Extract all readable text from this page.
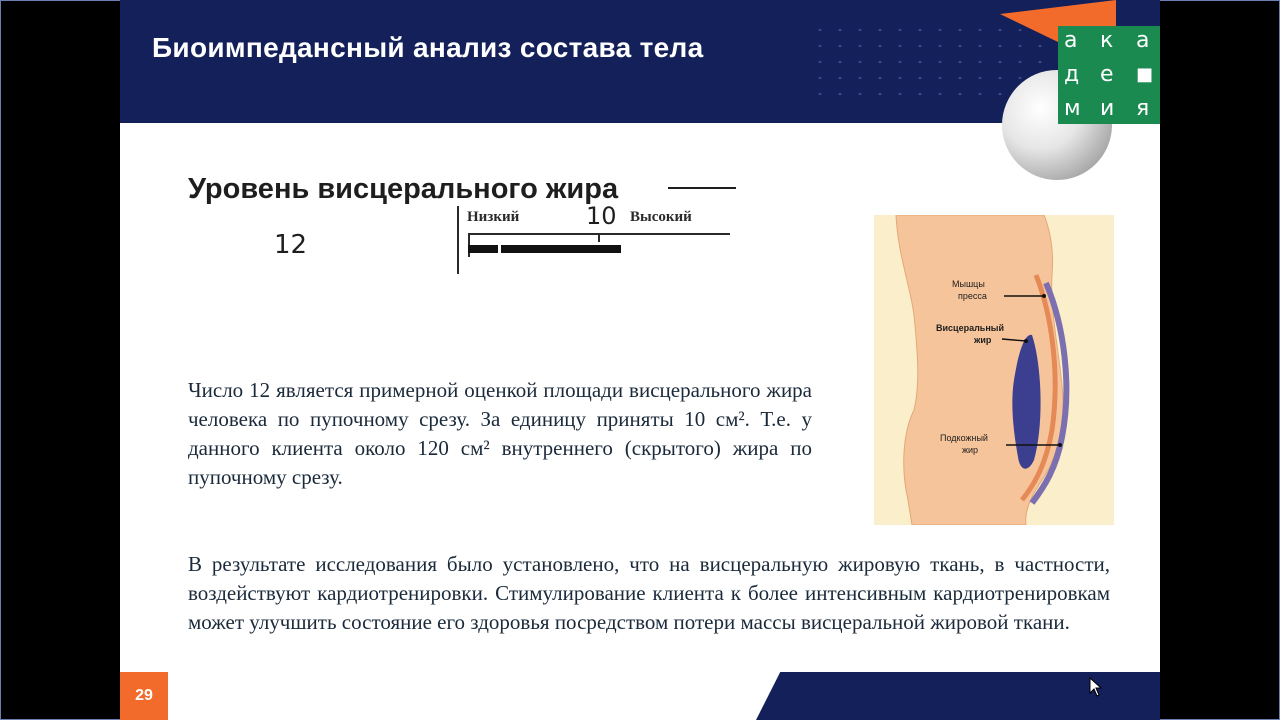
Биоимпедансный анализ состава тела	а к а
д е ■
м и я
Уровень висцерального жира
12
Низкий	10 Высокий
Число 12 является примерной оценкой площади висцерального жира человека по пупочному срезу. За единицу приняты 10 см². Т.е. у данного клиента около 120 см² внутреннего (скрытого) жира по пупочному срезу.
Мышцы
пресса
Висцеральный
жир
Подкожный
жир
В результате исследования было установлено, что на висцеральную жировую ткань, в частности, воздействуют кардиотренировки. Стимулирование клиента к более интенсивным кардиотренировкам может улучшить состояние его здоровья посредством потери массы висцеральной жировой ткани.
29
